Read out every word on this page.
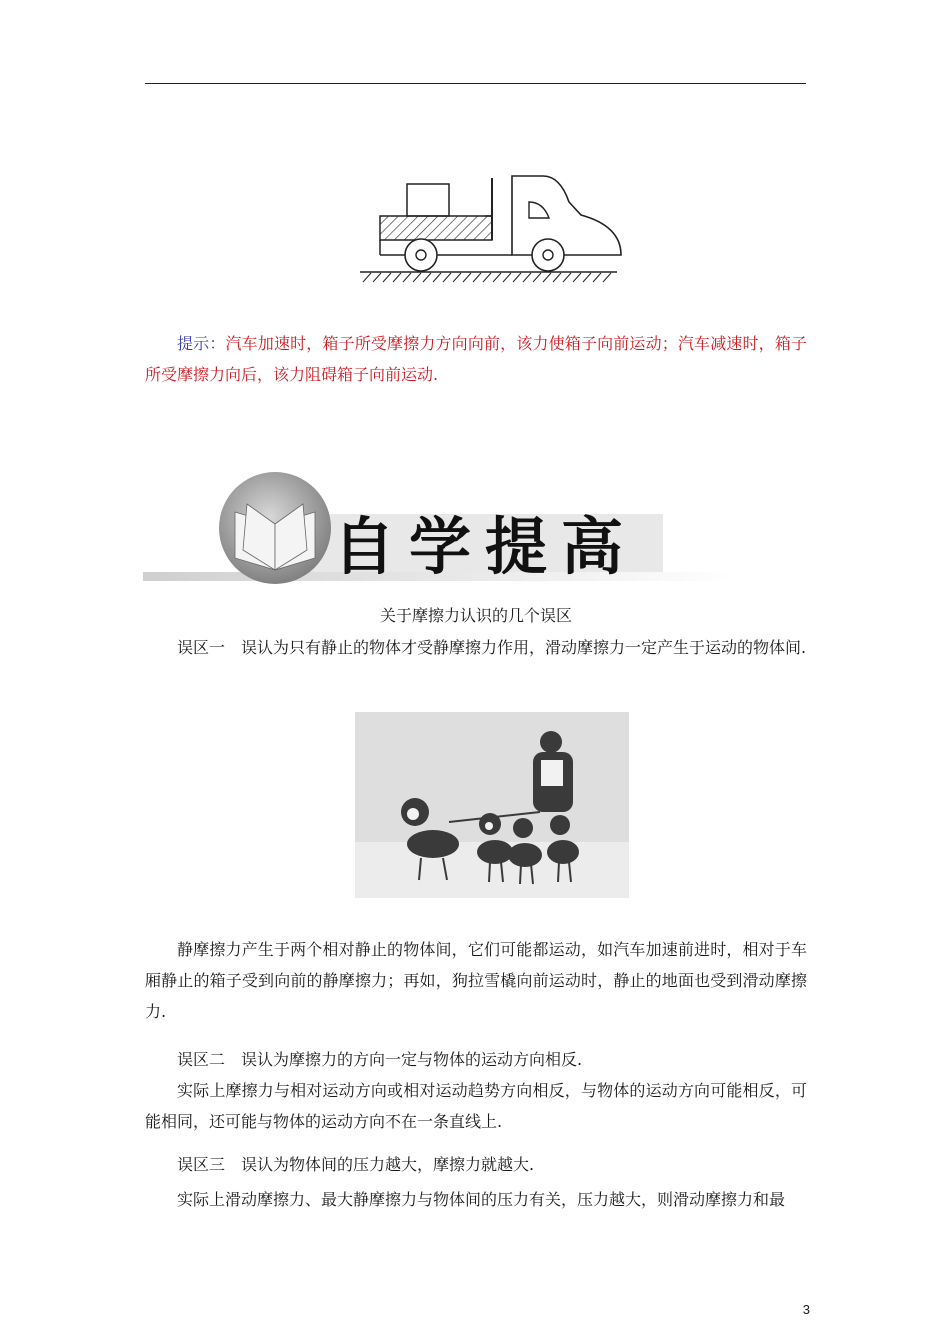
提示：汽车加速时，箱子所受摩擦力方向向前，该力使箱子向前运动；汽车减速时，箱子所受摩擦力向后，该力阻碍箱子向前运动.
自学提高
关于摩擦力认识的几个误区
误区一　误认为只有静止的物体才受静摩擦力作用，滑动摩擦力一定产生于运动的物体间.
静摩擦力产生于两个相对静止的物体间，它们可能都运动，如汽车加速前进时，相对于车厢静止的箱子受到向前的静摩擦力；再如，狗拉雪橇向前运动时，静止的地面也受到滑动摩擦力.
误区二　误认为摩擦力的方向一定与物体的运动方向相反.
实际上摩擦力与相对运动方向或相对运动趋势方向相反，与物体的运动方向可能相反，可能相同，还可能与物体的运动方向不在一条直线上.
误区三　误认为物体间的压力越大，摩擦力就越大.
实际上滑动摩擦力、最大静摩擦力与物体间的压力有关，压力越大，则滑动摩擦力和最
3
